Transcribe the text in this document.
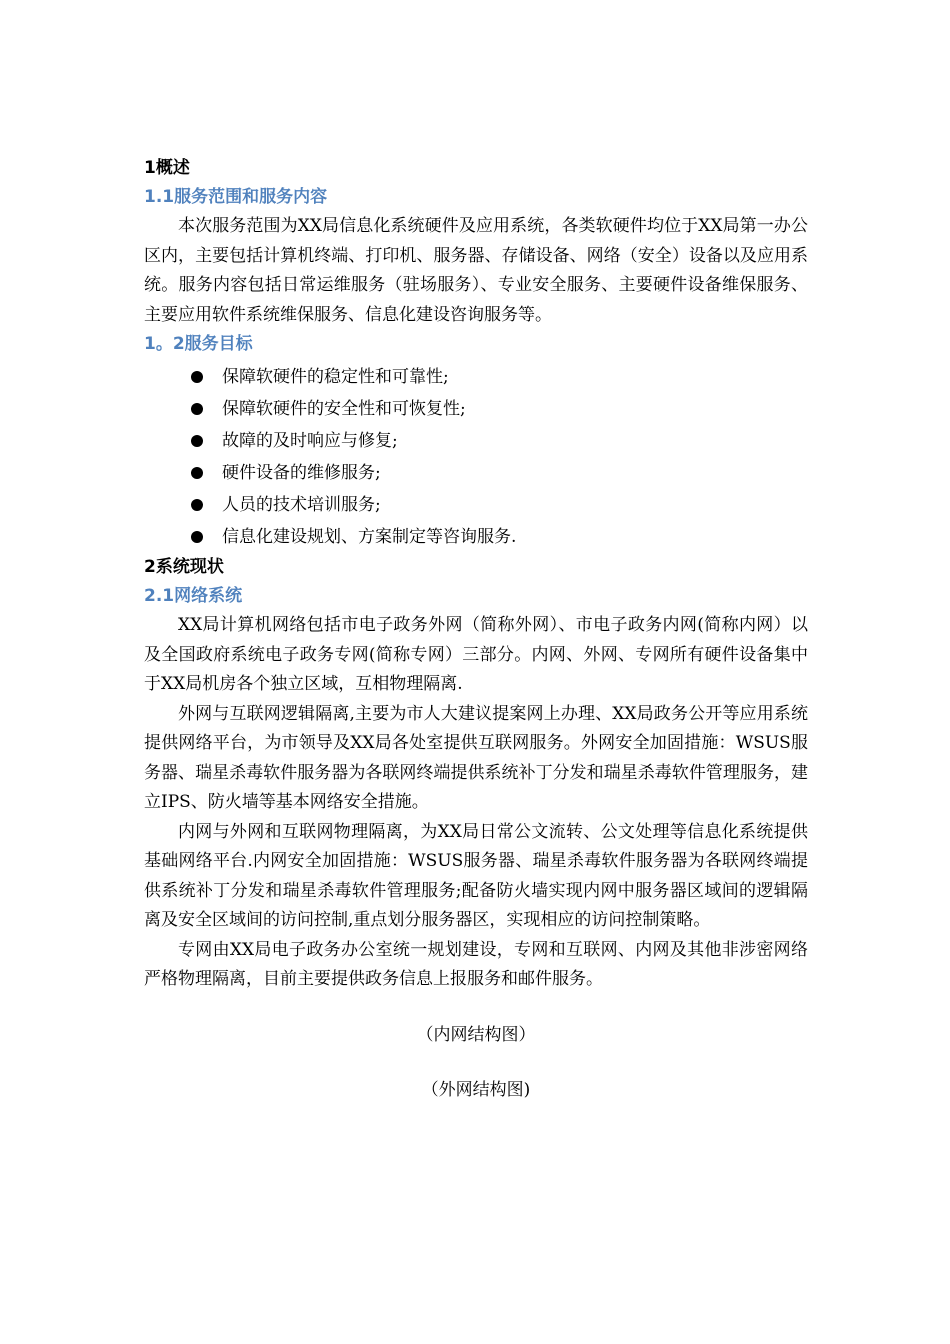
1概述
1.1服务范围和服务内容

本次服务范围为XX局信息化系统硬件及应用系统，各类软硬件均位于XX局第一办公区内，主要包括计算机终端、打印机、服务器、存储设备、网络（安全）设备以及应用系统。服务内容包括日常运维服务（驻场服务）、专业安全服务、主要硬件设备维保服务、主要应用软件系统维保服务、信息化建设咨询服务等。

1。2服务目标
保障软硬件的稳定性和可靠性;
保障软硬件的安全性和可恢复性;
故障的及时响应与修复;
硬件设备的维修服务;
人员的技术培训服务;
信息化建设规划、方案制定等咨询服务.
2系统现状
2.1网络系统

XX局计算机网络包括市电子政务外网（简称外网）、市电子政务内网(简称内网）以及全国政府系统电子政务专网(简称专网）三部分。内网、外网、专网所有硬件设备集中于XX局机房各个独立区域，互相物理隔离.

外网与互联网逻辑隔离,主要为市人大建议提案网上办理、XX局政务公开等应用系统提供网络平台，为市领导及XX局各处室提供互联网服务。外网安全加固措施：WSUS服务器、瑞星杀毒软件服务器为各联网终端提供系统补丁分发和瑞星杀毒软件管理服务，建立IPS、防火墙等基本网络安全措施。

内网与外网和互联网物理隔离，为XX局日常公文流转、公文处理等信息化系统提供基础网络平台.内网安全加固措施：WSUS服务器、瑞星杀毒软件服务器为各联网终端提供系统补丁分发和瑞星杀毒软件管理服务;配备防火墙实现内网中服务器区域间的逻辑隔离及安全区域间的访问控制,重点划分服务器区，实现相应的访问控制策略。

专网由XX局电子政务办公室统一规划建设，专网和互联网、内网及其他非涉密网络严格物理隔离，目前主要提供政务信息上报服务和邮件服务。

（内网结构图）
（外网结构图)
